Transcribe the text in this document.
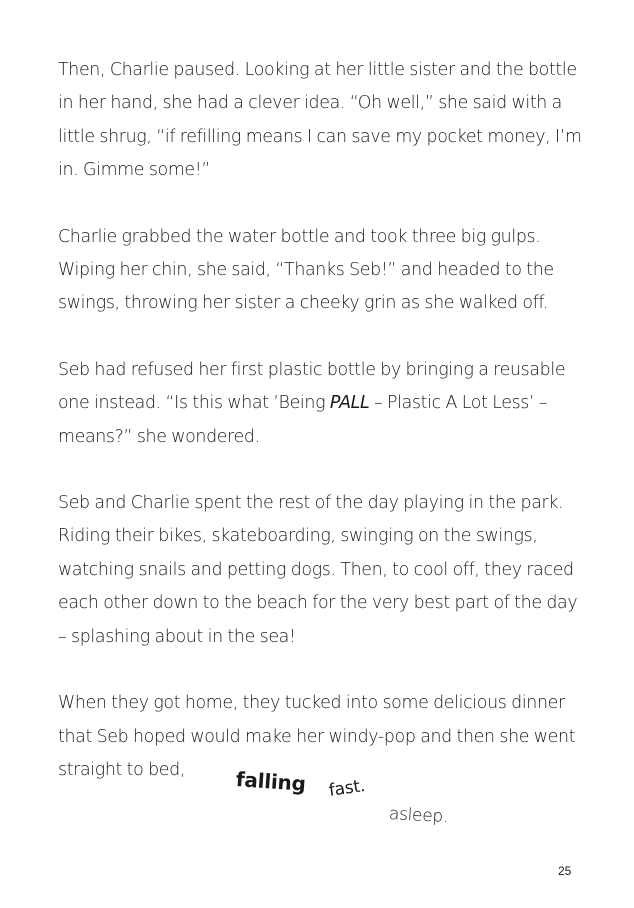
Then, Charlie paused. Looking at her little sister and the bottle in her hand, she had a clever idea. “Oh well,” she said with a little shrug, “if refilling means I can save my pocket money, I’m in. Gimme some!”

Charlie grabbed the water bottle and took three big gulps. Wiping her chin, she said, “Thanks Seb!” and headed to the swings, throwing her sister a cheeky grin as she walked off.

Seb had refused her first plastic bottle by bringing a reusable one instead. “Is this what ’Being PALL – Plastic A Lot Less’ – means?” she wondered.

Seb and Charlie spent the rest of the day playing in the park. Riding their bikes, skateboarding, swinging on the swings, watching snails and petting dogs. Then, to cool off, they raced each other down to the beach for the very best part of the day – splashing about in the sea!

When they got home, they tucked into some delicious dinner that Seb hoped would make her windy-pop and then she went straight to bed,	falling fast.
asleep.
25
